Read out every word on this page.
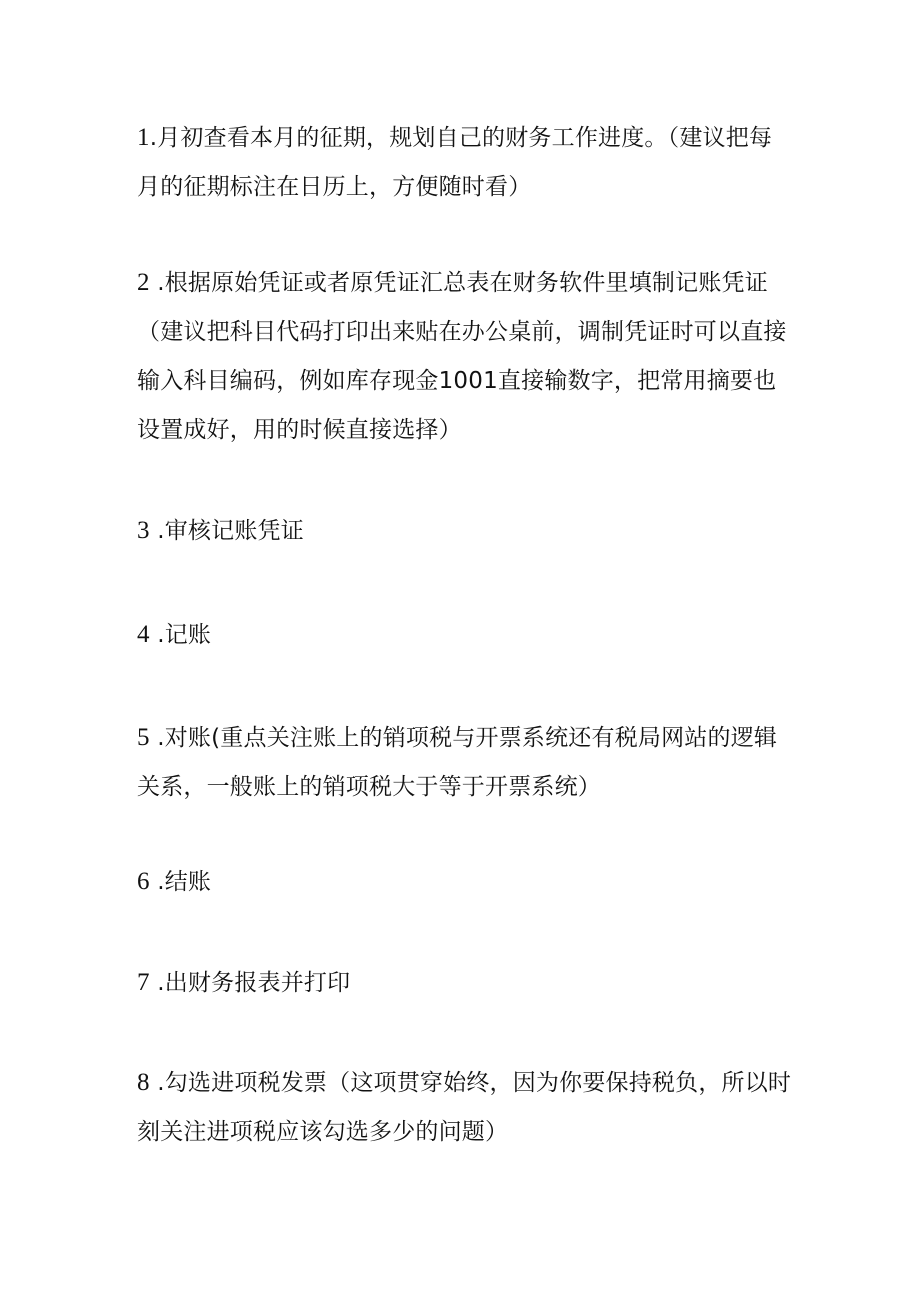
1.月初查看本月的征期，规划自己的财务工作进度。（建议把每月的征期标注在日历上，方便随时看）
2 .根据原始凭证或者原凭证汇总表在财务软件里填制记账凭证（建议把科目代码打印出来贴在办公桌前，调制凭证时可以直接输入科目编码，例如库存现金1001直接输数字，把常用摘要也设置成好，用的时候直接选择）
3 .审核记账凭证
4 .记账
5 .对账(重点关注账上的销项税与开票系统还有税局网站的逻辑关系，一般账上的销项税大于等于开票系统）
6 .结账
7 .出财务报表并打印
8 .勾选进项税发票（这项贯穿始终，因为你要保持税负，所以时刻关注进项税应该勾选多少的问题）
